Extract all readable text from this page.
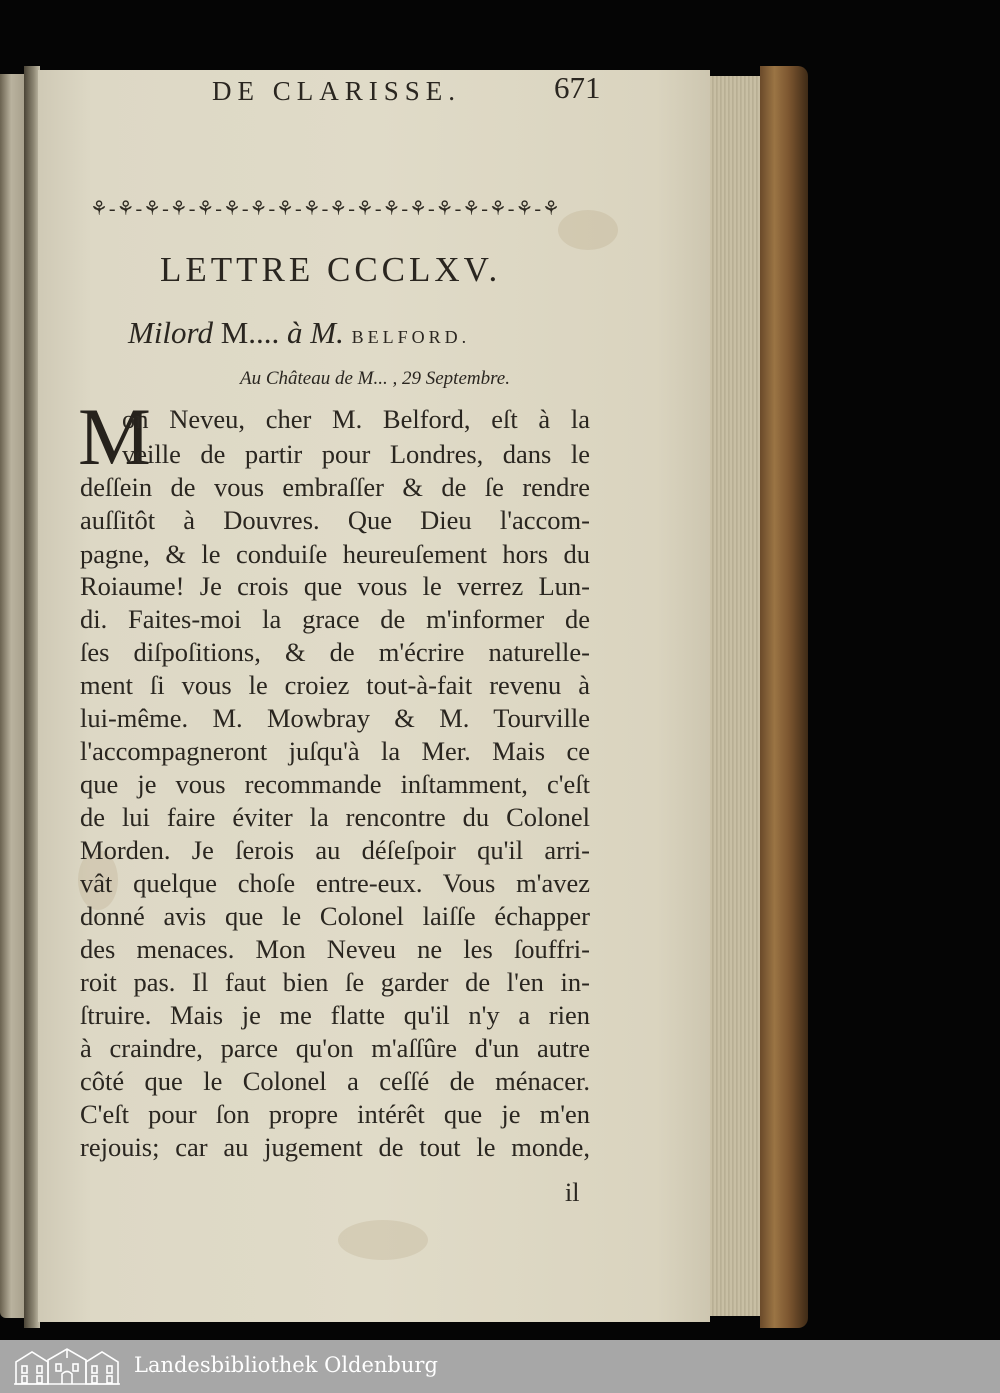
DE CLARISSE.	671
⚘-⚘-⚘-⚘-⚘-⚘-⚘-⚘-⚘-⚘-⚘-⚘-⚘-⚘-⚘-⚘-⚘-⚘
LETTRE CCCLXV.
Milord M.... à M. BELFORD.
Au Château de M... , 29 Septembre.
M
on Neveu, cher M. Belford, eſt à la
veille de partir pour Londres, dans le
deſſein de vous embraſſer & de ſe rendre
auſſitôt à Douvres. Que Dieu l'accom-
pagne, & le conduiſe heureuſement hors du
Roiaume! Je crois que vous le verrez Lun-
di. Faites-moi la grace de m'informer de
ſes diſpoſitions, & de m'écrire naturelle-
ment ſi vous le croiez tout-à-fait revenu à
lui-même. M. Mowbray & M. Tourville
l'accompagneront juſqu'à la Mer. Mais ce
que je vous recommande inſtamment, c'eſt
de lui faire éviter la rencontre du Colonel
Morden. Je ſerois au déſeſpoir qu'il arri-
vât quelque choſe entre-eux. Vous m'avez
donné avis que le Colonel laiſſe échapper
des menaces. Mon Neveu ne les ſouffri-
roit pas. Il faut bien ſe garder de l'en in-
ſtruire. Mais je me flatte qu'il n'y a rien
à craindre, parce qu'on m'aſſûre d'un autre
côté que le Colonel a ceſſé de ménacer.
C'eſt pour ſon propre intérêt que je m'en
rejouis; car au jugement de tout le monde,
il
Landesbibliothek Oldenburg
